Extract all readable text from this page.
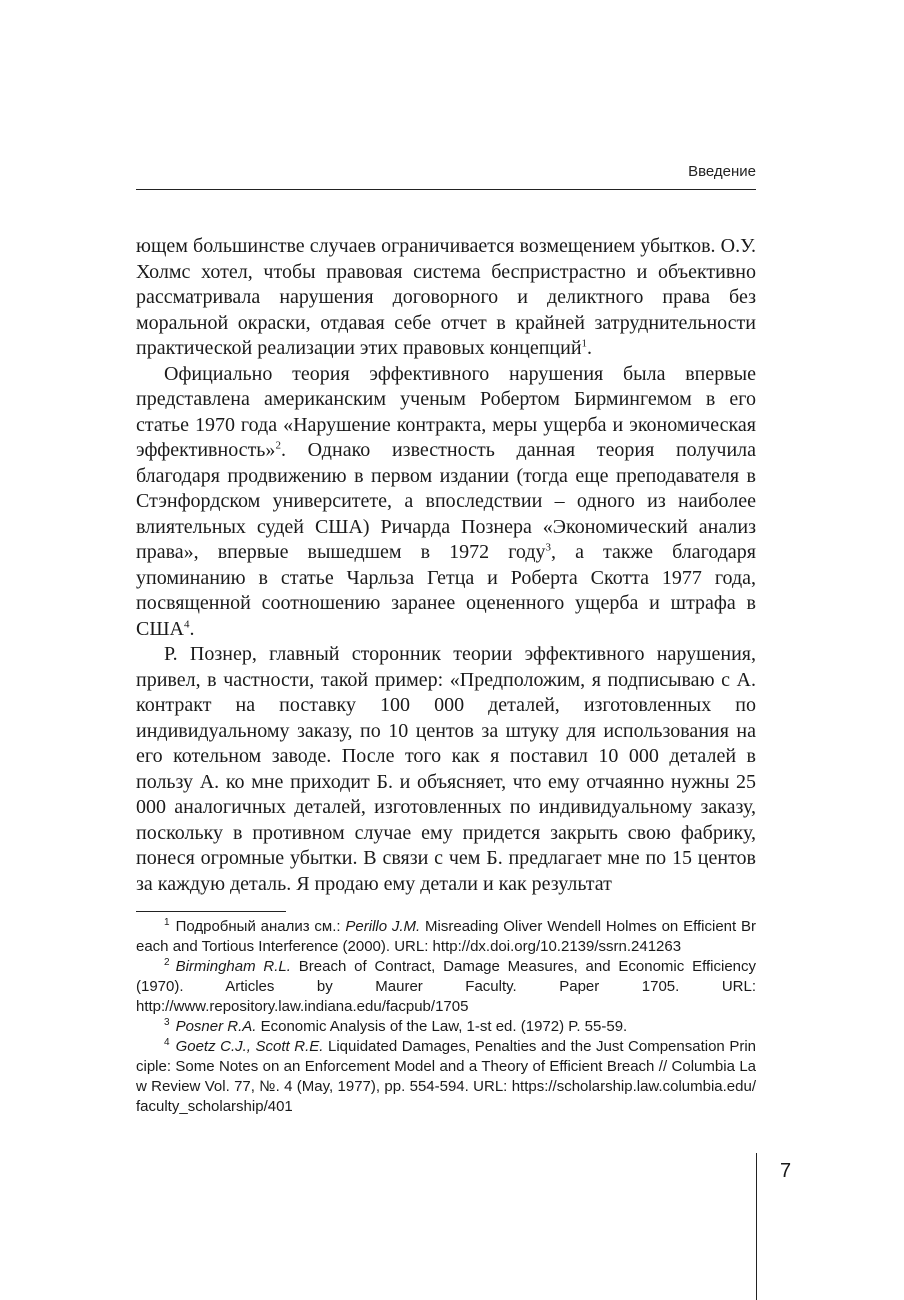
Введение

ющем большинстве случаев ограничивается возмещением убытков. О.У. Холмс хотел, чтобы правовая система беспристрастно и объективно рассматривала нарушения договорного и деликтного права без моральной окраски, отдавая себе отчет в крайней затруднительности практической реализации этих правовых концепций$^1$.

Официально теория эффективного нарушения была впервые представлена американским ученым Робертом Бирмингемом в его статье 1970 года «Нарушение контракта, меры ущерба и экономическая эффективность»$^2$. Однако известность данная теория получила благодаря продвижению в первом издании (тогда еще преподавателя в Стэнфордском университете, а впоследствии – одного из наиболее влиятельных судей США) Ричарда Познера «Экономический анализ права», впервые вышедшем в 1972 году$^3$, а также благодаря упоминанию в статье Чарльза Гетца и Роберта Скотта 1977 года, посвященной соотношению заранее оцененного ущерба и штрафа в США$^4$.

Р. Познер, главный сторонник теории эффективного нарушения, привел, в частности, такой пример: «Предположим, я подписываю с А. контракт на поставку 100 000 деталей, изготовленных по индивидуальному заказу, по 10 центов за штуку для использования на его котельном заводе. После того как я поставил 10 000 деталей в пользу А. ко мне приходит Б. и объясняет, что ему отчаянно нужны 25 000 аналогичных деталей, изготовленных по индивидуальному заказу, поскольку в противном случае ему придется закрыть свою фабрику, понеся огромные убытки. В связи с чем Б. предлагает мне по 15 центов за каждую деталь. Я продаю ему детали и как результат

$^1$ Подробный анализ см.: Perillo J.M. Misreading Oliver Wendell Holmes on Efficient Breach and Tortious Interference (2000). URL: http://dx.doi.org/10.2139/ssrn.241263

$^2$ Birmingham R.L. Breach of Contract, Damage Measures, and Economic Efficiency (1970). Articles by Maurer Faculty. Paper 1705. URL: http://www.repository.law.indiana.edu/facpub/1705

$^3$ Posner R.A. Economic Analysis of the Law, 1-st ed. (1972) P. 55-59.

$^4$ Goetz C.J., Scott R.E. Liquidated Damages, Penalties and the Just Compensation Principle: Some Notes on an Enforcement Model and a Theory of Efficient Breach // Columbia Law Review Vol. 77, №. 4 (May, 1977), pp. 554-594. URL: https://scholarship.law.columbia.edu/faculty_scholarship/401

7
